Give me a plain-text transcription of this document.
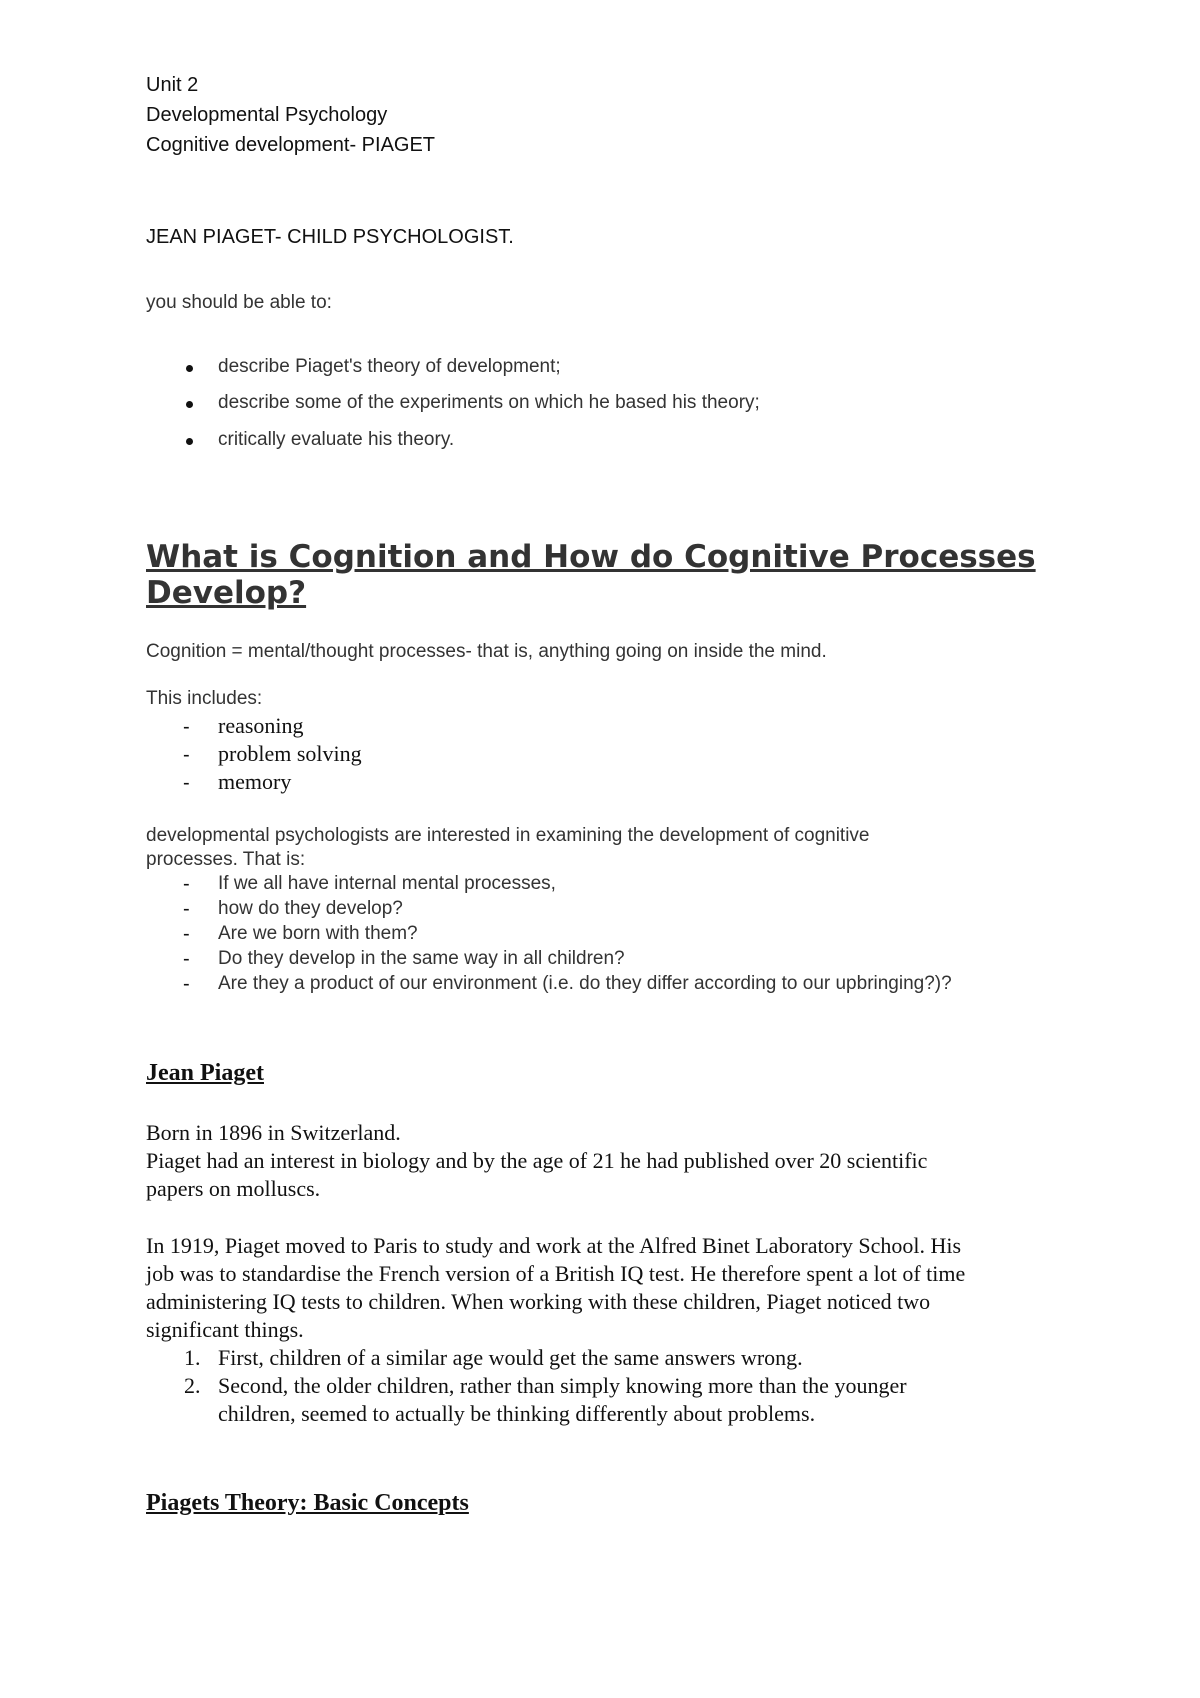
Unit 2

Developmental Psychology

Cognitive development- PIAGET

JEAN PIAGET- CHILD PSYCHOLOGIST.

you should be able to:

describe Piaget's theory of development;

describe some of the experiments on which he based his theory;

critically evaluate his theory.

What is Cognition and How do Cognitive Processes Develop?

Cognition = mental/thought processes- that is, anything going on inside the mind.

This includes:

- reasoning

- problem solving

- memory

developmental psychologists are interested in examining the development of cognitive

processes. That is:

- If we all have internal mental processes,

- how do they develop?

- Are we born with them?

- Do they develop in the same way in all children?

- Are they a product of our environment (i.e. do they differ according to our upbringing?)?

Jean Piaget

Born in 1896 in Switzerland.

Piaget had an interest in biology and by the age of 21 he had published over 20 scientific

papers on molluscs.

In 1919, Piaget moved to Paris to study and work at the Alfred Binet Laboratory School. His

job was to standardise the French version of a British IQ test. He therefore spent a lot of time

administering IQ tests to children. When working with these children, Piaget noticed two

significant things.

1. First, children of a similar age would get the same answers wrong.

2. Second, the older children, rather than simply knowing more than the younger

children, seemed to actually be thinking differently about problems.

Piagets Theory: Basic Concepts
